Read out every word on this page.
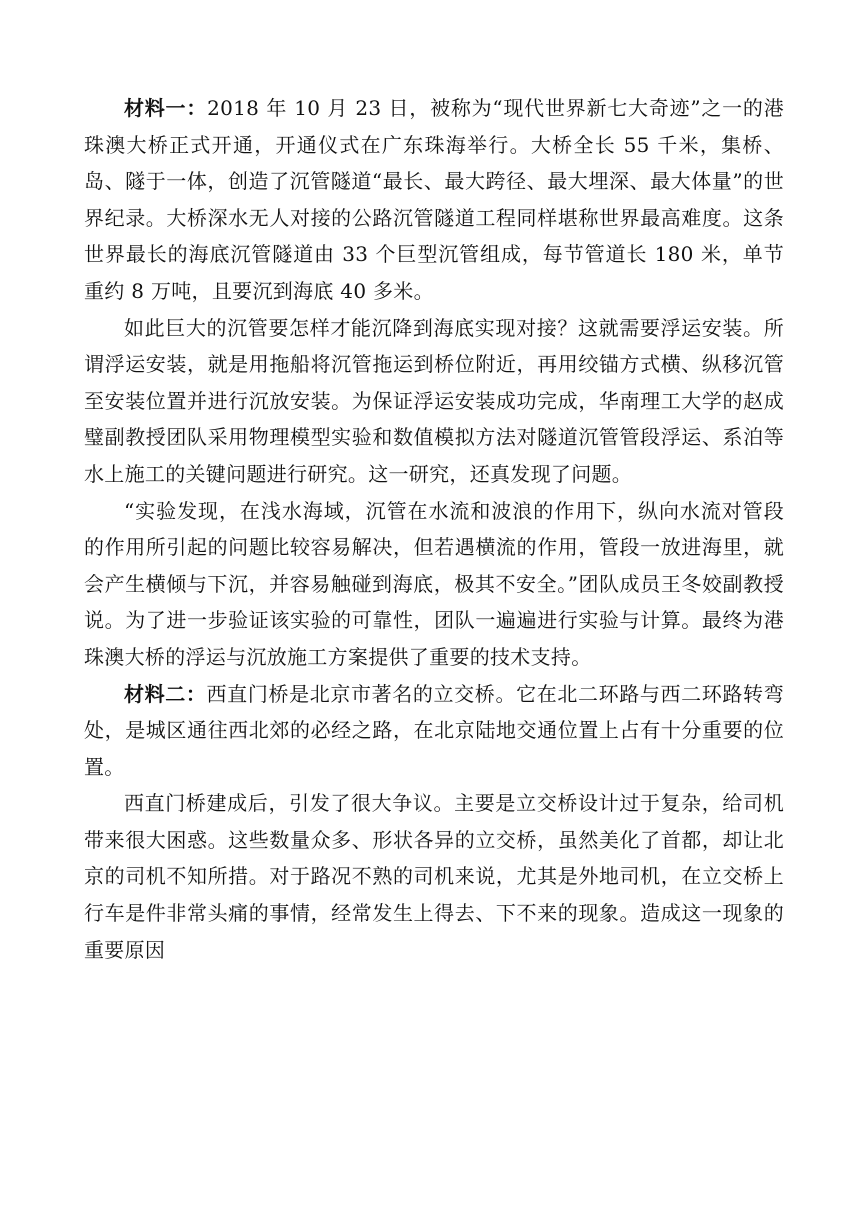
材料一：2018 年 10 月 23 日，被称为“现代世界新七大奇迹”之一的港珠澳大桥正式开通，开通仪式在广东珠海举行。大桥全长 55 千米，集桥、岛、隧于一体，创造了沉管隧道“最长、最大跨径、最大埋深、最大体量”的世界纪录。大桥深水无人对接的公路沉管隧道工程同样堪称世界最高难度。这条世界最长的海底沉管隧道由 33 个巨型沉管组成，每节管道长 180 米，单节重约 8 万吨，且要沉到海底 40 多米。

如此巨大的沉管要怎样才能沉降到海底实现对接？这就需要浮运安装。所谓浮运安装，就是用拖船将沉管拖运到桥位附近，再用绞锚方式横、纵移沉管至安装位置并进行沉放安装。为保证浮运安装成功完成，华南理工大学的赵成璧副教授团队采用物理模型实验和数值模拟方法对隧道沉管管段浮运、系泊等水上施工的关键问题进行研究。这一研究，还真发现了问题。

“实验发现，在浅水海域，沉管在水流和波浪的作用下，纵向水流对管段的作用所引起的问题比较容易解决，但若遇横流的作用，管段一放进海里，就会产生横倾与下沉，并容易触碰到海底，极其不安全。”团队成员王冬姣副教授说。为了进一步验证该实验的可靠性，团队一遍遍进行实验与计算。最终为港珠澳大桥的浮运与沉放施工方案提供了重要的技术支持。

材料二：西直门桥是北京市著名的立交桥。它在北二环路与西二环路转弯处，是城区通往西北郊的必经之路，在北京陆地交通位置上占有十分重要的位置。

西直门桥建成后，引发了很大争议。主要是立交桥设计过于复杂，给司机带来很大困惑。这些数量众多、形状各异的立交桥，虽然美化了首都，却让北京的司机不知所措。对于路况不熟的司机来说，尤其是外地司机，在立交桥上行车是件非常头痛的事情，经常发生上得去、下不来的现象。造成这一现象的重要原因
